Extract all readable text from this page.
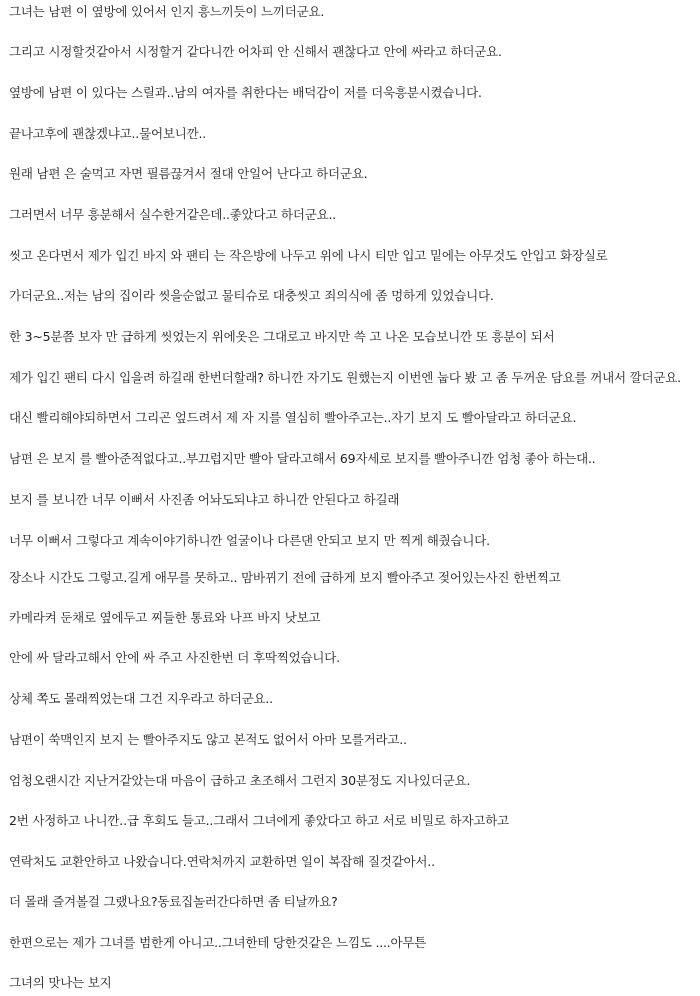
그녀는 남편 이 옆방에 있어서 인지 흥느끼듯이 느끼더군요.
그리고 시정할것같아서 시정할거 같다니깐 어차피 안 신해서 괜찮다고 안에 싸라고 하더군요.
옆방에 남편 이 있다는 스릴과..남의 여자를 취한다는 배덕감이 저를 더욱흥분시켰습니다.
끝나고후에 괜찮겠냐고..물어보니깐..
원래 남편 은 술먹고 자면 필름끊겨서 절대 안일어 난다고 하더군요.
그러면서 너무 흥분해서 실수한거같은데..좋았다고 하더군요..
씻고 온다면서 제가 입긴 바지 와 팬티 는 작은방에 나두고 위에 나시 티만 입고 밑에는 아무것도 안입고 화장실로
가더군요..저는 남의 집이라 씻을순없고 물티슈로 대충씻고 죄의식에 좀 멍하게 있었습니다.
한 3~5분쯤 보자 만 급하게 씻었는지 위에옷은 그대로고 바지만 쓱 고 나온 모습보니깐 또 흥분이 되서
제가 입긴 팬티 다시 입을려 하길래 한번더할래? 하니깐 자기도 원했는지 이번엔 눕다 봤 고 좀 두꺼운 담요를 꺼내서 깔더군요.
대신 빨리해야되하면서 그리곤 엎드려서 제 자 지를 열심히 빨아주고는..자기 보지 도 빨아달라고 하더군요.
남편 은 보지 를 빨아준적없다고..부끄럽지만 빨아 달라고해서 69자세로 보지를 빨아주니깐 엄청 좋아 하는대..
보지 를 보니깐 너무 이뻐서 사진좀 어놔도되냐고 하니깐 안된다고 하길래
너무 이뻐서 그렇다고 계속이야기하니깐 얼굴이나 다른댄 안되고 보지 만 찍게 해줬습니다.
장소나 시간도 그렇고.길게 애무를 못하고.. 맘바뀌기 전에 급하게 보지 빨아주고 젖어있는사진 한번찍고
카메라켜 둔채로 옆에두고 찌들한 통료와 나프 바지 낫보고
안에 싸 달라고해서 안에 싸 주고 사진한번 더 후딱찍었습니다.
상체 쪽도 몰래찍었는대 그건 지우라고 하더군요..
남편이 쑥맥인지 보지 는 빨아주지도 않고 본적도 없어서 아마 모를거라고..
엄청오랜시간 지난거같았는대 마음이 급하고 초조해서 그런지 30분정도 지나있더군요.
2번 사정하고 나니깐..급 후회도 들고..그래서 그녀에게 좋았다고 하고 서로 비밀로 하자고하고
연락처도 교환안하고 나왔습니다.연락처까지 교환하면 일이 복잡해 질것같아서..
더 몰래 즐겨볼걸 그랬나요?동료집놀러간다하면 좀 티날까요?
한편으로는 제가 그녀를 범한게 아니고..그녀한테 당한것같은 느낌도 ....아무튼
그녀의 맛나는 보지
